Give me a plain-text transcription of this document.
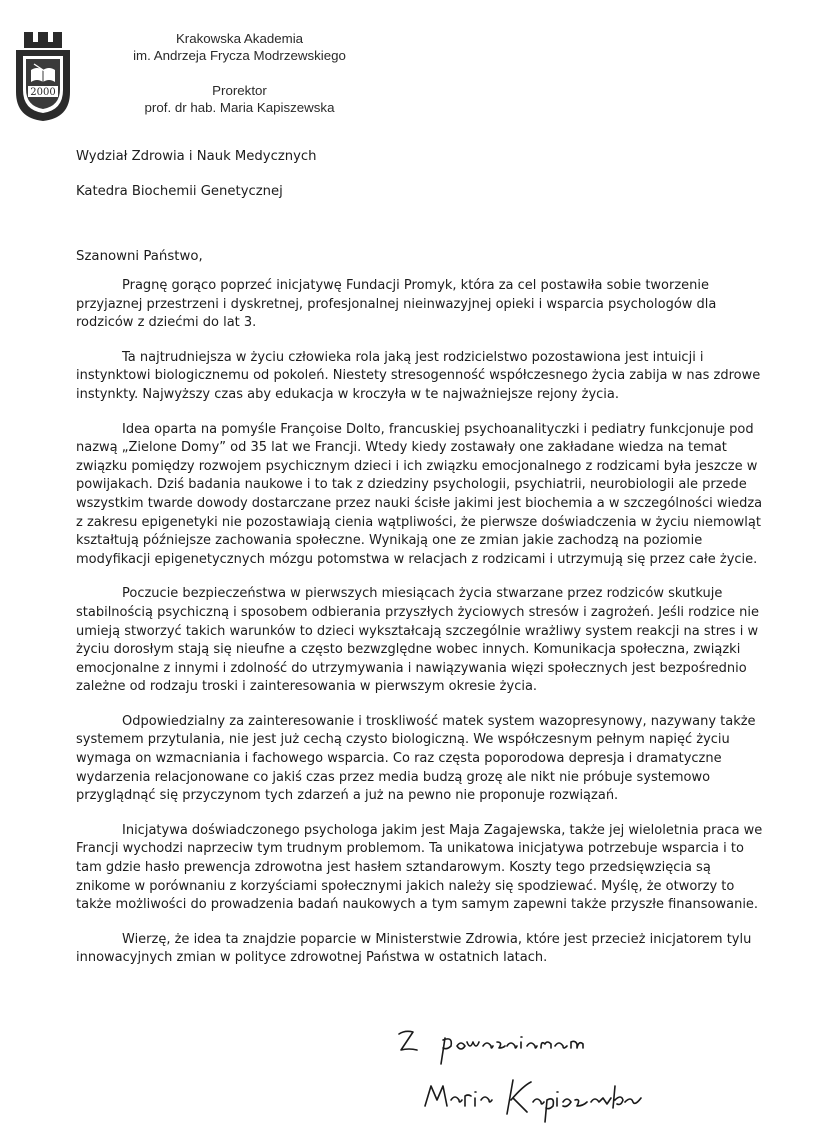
2000
Krakowska Akademia
im. Andrzeja Frycza Modrzewskiego
Prorektor
prof. dr hab. Maria Kapiszewska
Wydział Zdrowia i Nauk Medycznych
Katedra Biochemii Genetycznej
Szanowni Państwo,

Pragnę gorąco poprzeć inicjatywę Fundacji Promyk, która za cel postawiła sobie tworzenie przyjaznej przestrzeni i dyskretnej, profesjonalnej nieinwazyjnej opieki i wsparcia psychologów dla rodziców z dziećmi do lat 3.

Ta najtrudniejsza w życiu człowieka rola jaką jest rodzicielstwo pozostawiona jest intuicji i instynktowi biologicznemu od pokoleń. Niestety stresogenność współczesnego życia zabija w nas zdrowe instynkty. Najwyższy czas aby edukacja w kroczyła w te najważniejsze rejony życia.

Idea oparta na pomyśle Françoise Dolto, francuskiej psychoanalityczki i pediatry funkcjonuje pod nazwą „Zielone Domy” od 35 lat we Francji. Wtedy kiedy zostawały one zakładane wiedza na temat związku pomiędzy rozwojem psychicznym dzieci i ich związku emocjonalnego z rodzicami była jeszcze w powijakach. Dziś badania naukowe i to tak z dziedziny psychologii, psychiatrii, neurobiologii ale przede wszystkim twarde dowody dostarczane przez nauki ścisłe jakimi jest biochemia a w szczególności wiedza z zakresu epigenetyki nie pozostawiają cienia wątpliwości, że pierwsze doświadczenia w życiu niemowląt kształtują późniejsze zachowania społeczne. Wynikają one ze zmian jakie zachodzą na poziomie modyfikacji epigenetycznych mózgu potomstwa w relacjach z rodzicami i utrzymują się przez całe życie.

Poczucie bezpieczeństwa w pierwszych miesiącach życia stwarzane przez rodziców skutkuje stabilnością psychiczną i sposobem odbierania przyszłych życiowych stresów i zagrożeń. Jeśli rodzice nie umieją stworzyć takich warunków to dzieci wykształcają szczególnie wrażliwy system reakcji na stres i w życiu dorosłym stają się nieufne a często bezwzględne wobec innych. Komunikacja społeczna, związki emocjonalne z innymi i zdolność do utrzymywania i nawiązywania więzi społecznych jest bezpośrednio zależne od rodzaju troski i zainteresowania w pierwszym okresie życia.

Odpowiedzialny za zainteresowanie i troskliwość matek system wazopresynowy, nazywany także systemem przytulania, nie jest już cechą czysto biologiczną. We współczesnym pełnym napięć życiu wymaga on wzmacniania i fachowego wsparcia. Co raz częsta poporodowa depresja i dramatyczne wydarzenia relacjonowane co jakiś czas przez media budzą grozę ale nikt nie próbuje systemowo przyglądnąć się przyczynom tych zdarzeń a już na pewno nie proponuje rozwiązań.

Inicjatywa doświadczonego psychologa jakim jest Maja Zagajewska, także jej wieloletnia praca we Francji wychodzi naprzeciw tym trudnym problemom. Ta unikatowa inicjatywa potrzebuje wsparcia i to tam gdzie hasło prewencja zdrowotna jest hasłem sztandarowym. Koszty tego przedsięwzięcia są znikome w porównaniu z korzyściami społecznymi jakich należy się spodziewać. Myślę, że otworzy to także możliwości do prowadzenia badań naukowych a tym samym zapewni także przyszłe finansowanie.

Wierzę, że idea ta znajdzie poparcie w Ministerstwie Zdrowia, które jest przecież inicjatorem tylu innowacyjnych zmian w polityce zdrowotnej Państwa w ostatnich latach.
